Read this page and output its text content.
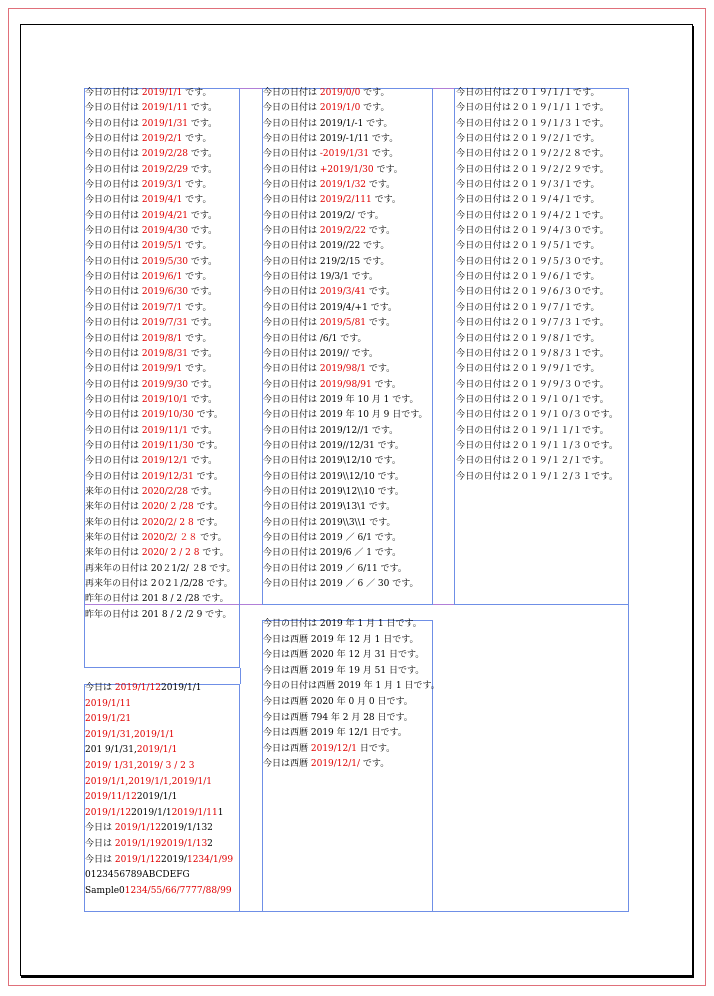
今日の日付は 2019/1/1 です。
今日の日付は 2019/1/11 です。
今日の日付は 2019/1/31 です。
今日の日付は 2019/2/1 です。
今日の日付は 2019/2/28 です。
今日の日付は 2019/2/29 です。
今日の日付は 2019/3/1 です。
今日の日付は 2019/4/1 です。
今日の日付は 2019/4/21 です。
今日の日付は 2019/4/30 です。
今日の日付は 2019/5/1 です。
今日の日付は 2019/5/30 です。
今日の日付は 2019/6/1 です。
今日の日付は 2019/6/30 です。
今日の日付は 2019/7/1 です。
今日の日付は 2019/7/31 です。
今日の日付は 2019/8/1 です。
今日の日付は 2019/8/31 です。
今日の日付は 2019/9/1 です。
今日の日付は 2019/9/30 です。
今日の日付は 2019/10/1 です。
今日の日付は 2019/10/30 です。
今日の日付は 2019/11/1 です。
今日の日付は 2019/11/30 です。
今日の日付は 2019/12/1 です。
今日の日付は 2019/12/31 です。
来年の日付は 2020/2/28 です。
来年の日付は 2020/ 2 /28 です。
来年の日付は 2020/2/ 2 8 です。
来年の日付は 2020/2/ ２８ です。
来年の日付は 2020/ 2 / 2 8 です。
再来年の日付は 20２1/2/ ２8 です。
再来年の日付は 2０2１/2/28 です。
昨年の日付は 201 8 / 2 /28 です。
昨年の日付は 201 8 / 2 /2 9 です。
今日の日付は 2019/0/0 です。
今日の日付は 2019/1/0 です。
今日の日付は 2019/1/-1 です。
今日の日付は 2019/-1/11 です。
今日の日付は -2019/1/31 です。
今日の日付は +2019/1/30 です。
今日の日付は 2019/1/32 です。
今日の日付は 2019/2/111 です。
今日の日付は 2019/2/ です。
今日の日付は 2019/2/22 です。
今日の日付は 2019//22 です。
今日の日付は 219/2/15 です。
今日の日付は 19/3/1 です。
今日の日付は 2019/3/41 です。
今日の日付は 2019/4/+1 です。
今日の日付は 2019/5/81 です。
今日の日付は /6/1 です。
今日の日付は 2019// です。
今日の日付は 2019/98/1 です。
今日の日付は 2019/98/91 です。
今日の日付は 2019 年 10 月 1 です。
今日の日付は 2019 年 10 月 9 日です。
今日の日付は 2019/12//1 です。
今日の日付は 2019//12/31 です。
今日の日付は 2019\12/10 です。
今日の日付は 2019\\12/10 です。
今日の日付は 2019\12\\10 です。
今日の日付は 2019\13\1 です。
今日の日付は 2019\\3\\1 です。
今日の日付は 2019 ／ 6/1 です。
今日の日付は 2019/6 ／ 1 です。
今日の日付は 2019 ／ 6/11 です。
今日の日付は 2019 ／ 6 ／ 30 です。
今日の日付は２０１９/１/１です。
今日の日付は２０１９/１/１１です。
今日の日付は２０１９/１/３１です。
今日の日付は２０１９/２/１です。
今日の日付は２０１９/２/２８です。
今日の日付は２０１９/２/２９です。
今日の日付は２０１９/３/１です。
今日の日付は２０１９/４/１です。
今日の日付は２０１９/４/２１です。
今日の日付は２０１９/４/３０です。
今日の日付は２０１９/５/１です。
今日の日付は２０１９/５/３０です。
今日の日付は２０１９/６/１です。
今日の日付は２０１９/６/３０です。
今日の日付は２０１９/７/１です。
今日の日付は２０１９/７/３１です。
今日の日付は２０１９/８/１です。
今日の日付は２０１９/８/３１です。
今日の日付は２０１９/９/１です。
今日の日付は２０１９/９/３０です。
今日の日付は２０１９/１０/１です。
今日の日付は２０１９/１０/３０です。
今日の日付は２０１９/１１/１です。
今日の日付は２０１９/１１/３０です。
今日の日付は２０１９/１２/１です。
今日の日付は２０１９/１２/３１です。
今日は 2019/1/122019/1/1
2019/1/11
2019/1/21
2019/1/31,2019/1/1
201 9/1/31,2019/1/1
2019/ 1/31,2019/ 3 / 2 3
2019/1/1,2019/1/1,2019/1/1
2019/11/122019/1/1
2019/1/122019/1/12019/1/111
今日は 2019/1/122019/1/132
今日は 2019/1/192019/1/132
今日は 2019/1/122019/1234/1/99
0123456789ABCDEFG
Sample01234/55/66/7777/88/99
今日の日付は 2019 年 1 月 1 日です。
今日は西暦 2019 年 12 月 1 日です。
今日は西暦 2020 年 12 月 31 日です。
今日は西暦 2019 年 19 月 51 日です。
今日の日付は西暦 2019 年 1 月 1 日です。
今日は西暦 2020 年 0 月 0 日です。
今日は西暦 794 年 2 月 28 日です。
今日は西暦 2019 年 12/1 日です。
今日は西暦 2019/12/1 日です。
今日は西暦 2019/12/1/ です。
